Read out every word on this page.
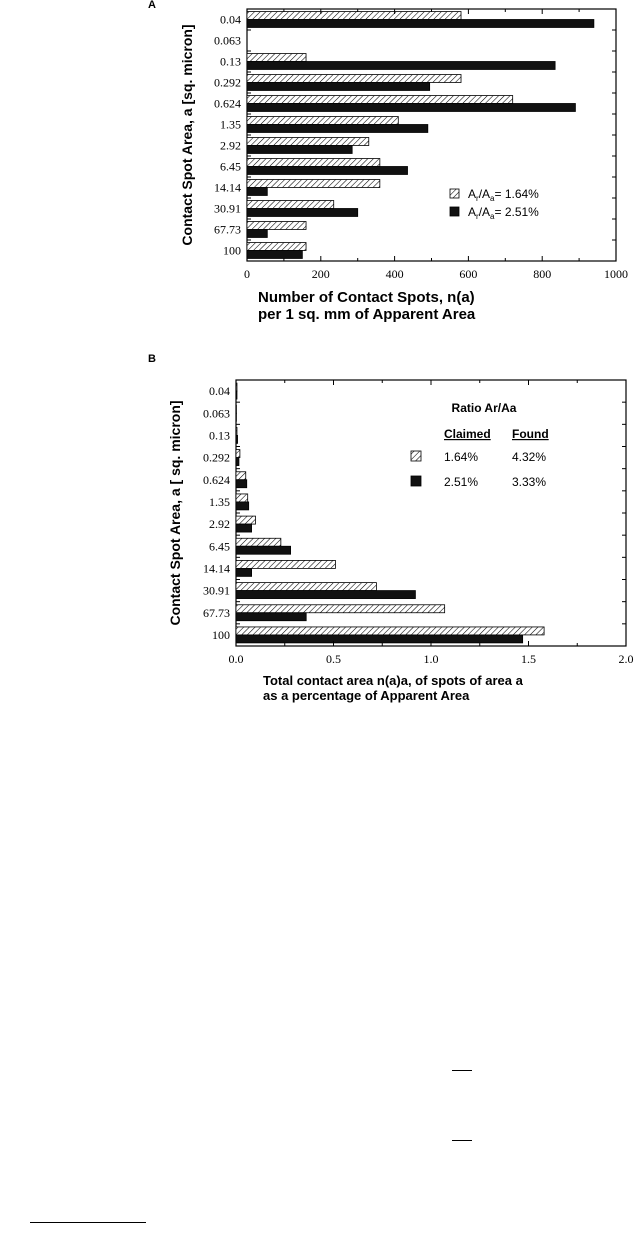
A
0.04
0.063
0.13
0.292
0.624
1.35
2.92
6.45
14.14
30.91
67.73
100
0	200	400	600	800	1000
Contact Spot Area, a [sq. micron]
Number of Contact Spots, n(a)
per 1 sq. mm of Apparent Area
$A_r/A_a= 1.64\%$
$A_r/A_a= 2.51\%$
B
0.04
0.063
0.13
0.292
0.624
1.35
2.92
6.45
14.14
30.91
67.73
100
0.0	0.5	1.0	1.5	2.0
Contact Spot Area, a [ sq. micron]
Total contact area n(a)a, of spots of area a
as a percentage of Apparent Area
Ratio Ar/Aa
Claimed Found
1.64%	4.32%
2.51%	3.33%
